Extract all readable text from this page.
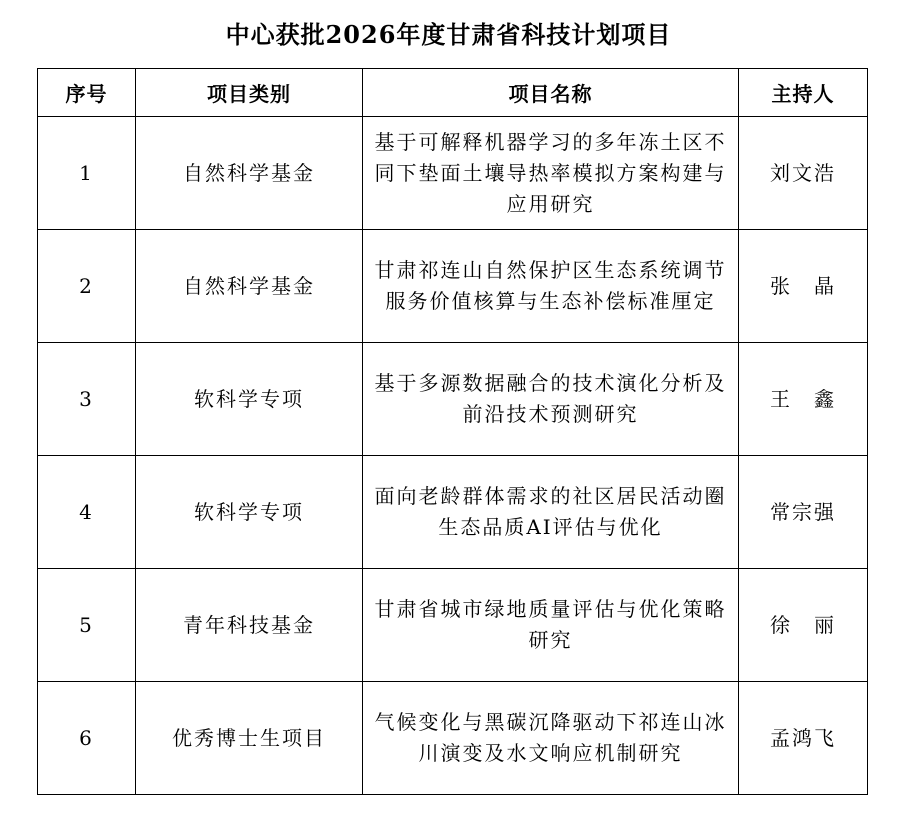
中心获批2026年度甘肃省科技计划项目
序号	项目类别	项目名称	主持人
1	自然科学基金	基于可解释机器学习的多年冻土区不同下垫面土壤导热率模拟方案构建与应用研究	刘文浩
2	自然科学基金	甘肃祁连山自然保护区生态系统调节服务价值核算与生态补偿标准厘定	张　晶
3	软科学专项	基于多源数据融合的技术演化分析及前沿技术预测研究	王　鑫
4	软科学专项	面向老龄群体需求的社区居民活动圈生态品质AI评估与优化	常宗强
5	青年科技基金	甘肃省城市绿地质量评估与优化策略研究	徐　丽
6	优秀博士生项目	气候变化与黑碳沉降驱动下祁连山冰川演变及水文响应机制研究	孟鸿飞
